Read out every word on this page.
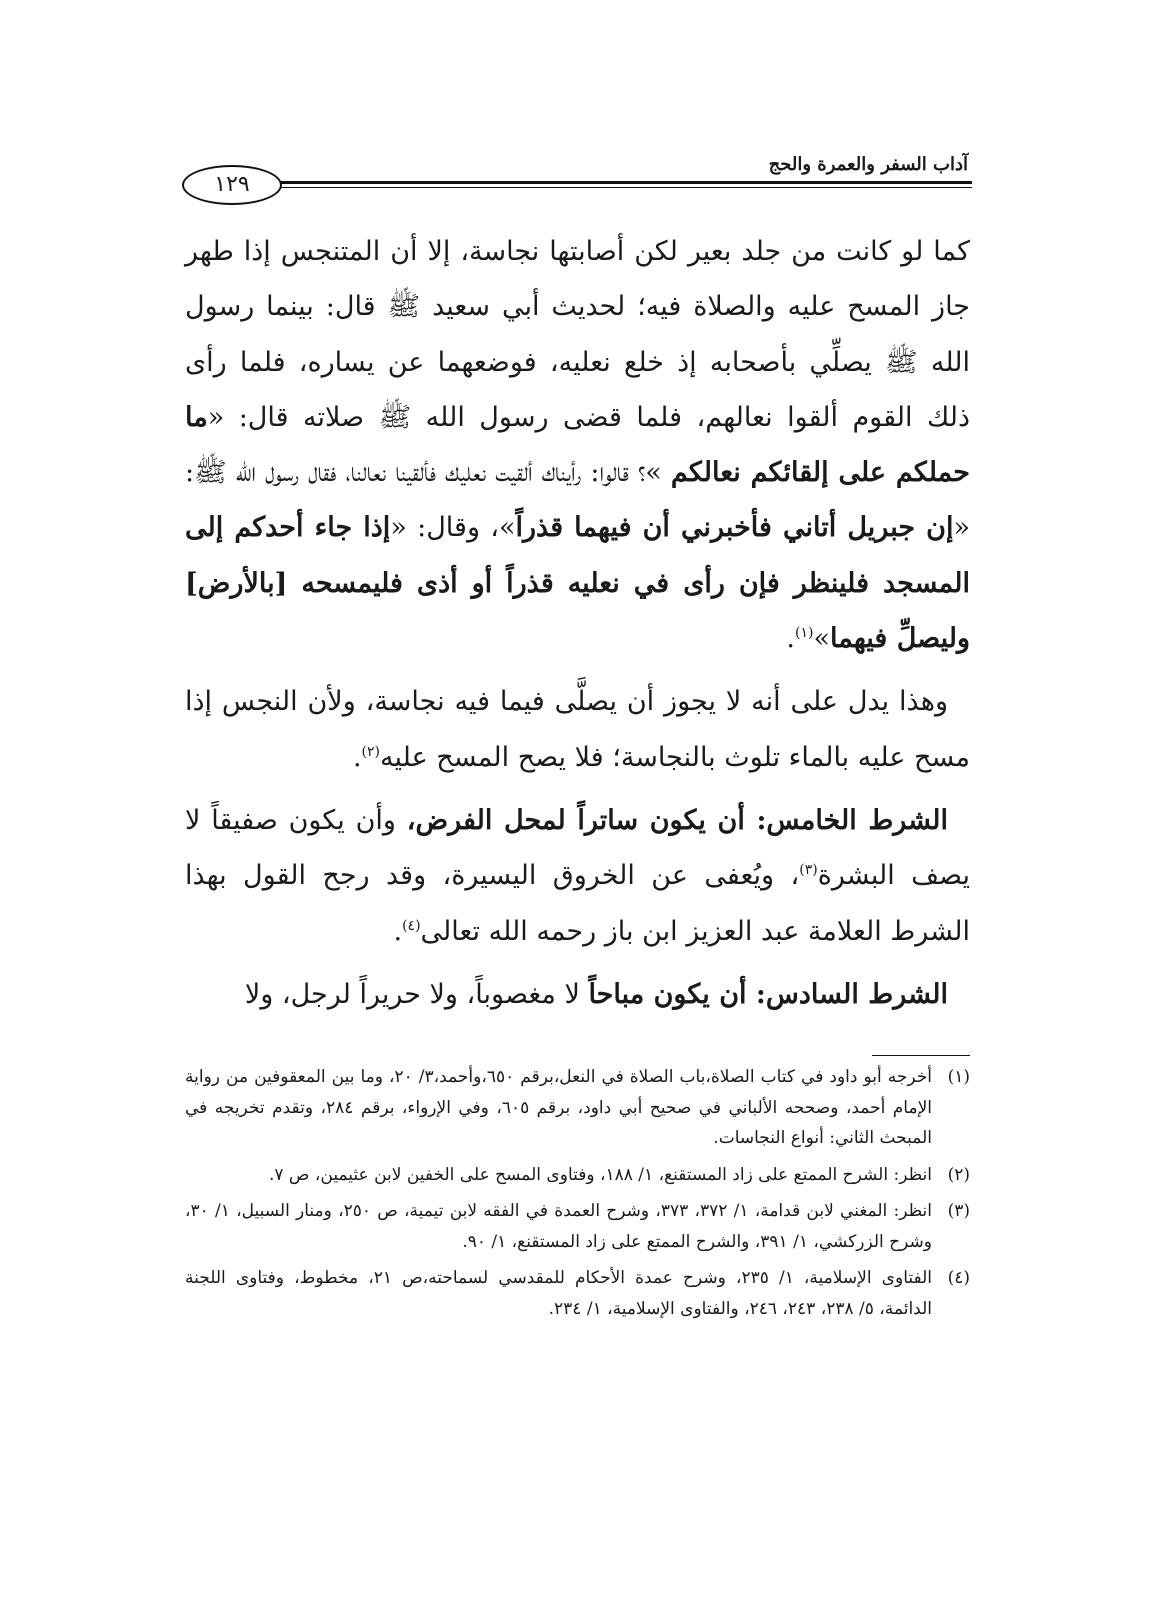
آداب السفر والعمرة والحج
١٢٩

كما لو كانت من جلد بعير لكن أصابتها نجاسة، إلا أن المتنجس إذا طهر جاز المسح عليه والصلاة فيه؛ لحديث أبي سعيد ﷺ قال: بينما رسول الله ﷺ يصلِّي بأصحابه إذ خلع نعليه، فوضعهما عن يساره، فلما رأى ذلك القوم ألقوا نعالهم، فلما قضى رسول الله ﷺ صلاته قال: «ما حملكم على إلقائكم نعالكم »؟ قالوا: رأيناك ألقيت نعليك فألقينا نعالنا، فقال رسول الله ﷺ: «إن جبريل أتاني فأخبرني أن فيهما قذراً»، وقال: «إذا جاء أحدكم إلى المسجد فلينظر فإن رأى في نعليه قذراً أو أذى فليمسحه [بالأرض] وليصلِّ فيهما»$^{(١)}$.

وهذا يدل على أنه لا يجوز أن يصلَّى فيما فيه نجاسة، ولأن النجس إذا مسح عليه بالماء تلوث بالنجاسة؛ فلا يصح المسح عليه$^{(٢)}$.

الشرط الخامس: أن يكون ساتراً لمحل الفرض، وأن يكون صفيقاً لا يصف البشرة$^{(٣)}$، ويُعفى عن الخروق اليسيرة، وقد رجح القول بهذا الشرط العلامة عبد العزيز ابن باز رحمه الله تعالى$^{(٤)}$.

الشرط السادس: أن يكون مباحاً لا مغصوباً، ولا حريراً لرجل، ولا

(١)
أخرجه أبو داود في كتاب الصلاة،باب الصلاة في النعل،برقم ٦٥٠،وأحمد،٣/ ٢٠، وما بين المعقوفين من رواية الإمام أحمد، وصححه الألباني في صحيح أبي داود، برقم ٦٠٥، وفي الإرواء، برقم ٢٨٤، وتقدم تخريجه في المبحث الثاني: أنواع النجاسات.
(٢)
انظر: الشرح الممتع على زاد المستقنع، ١/ ١٨٨، وفتاوى المسح على الخفين لابن عثيمين، ص ٧.
(٣)
انظر: المغني لابن قدامة، ١/ ٣٧٢، ٣٧٣، وشرح العمدة في الفقه لابن تيمية، ص ٢٥٠، ومنار السبيل، ١/ ٣٠، وشرح الزركشي، ١/ ٣٩١، والشرح الممتع على زاد المستقنع، ١/ ٩٠.
(٤)
الفتاوى الإسلامية، ١/ ٢٣٥، وشرح عمدة الأحكام للمقدسي لسماحته،ص ٢١، مخطوط، وفتاوى اللجنة الدائمة، ٥/ ٢٣٨، ٢٤٣، ٢٤٦، والفتاوى الإسلامية، ١/ ٢٣٤.
